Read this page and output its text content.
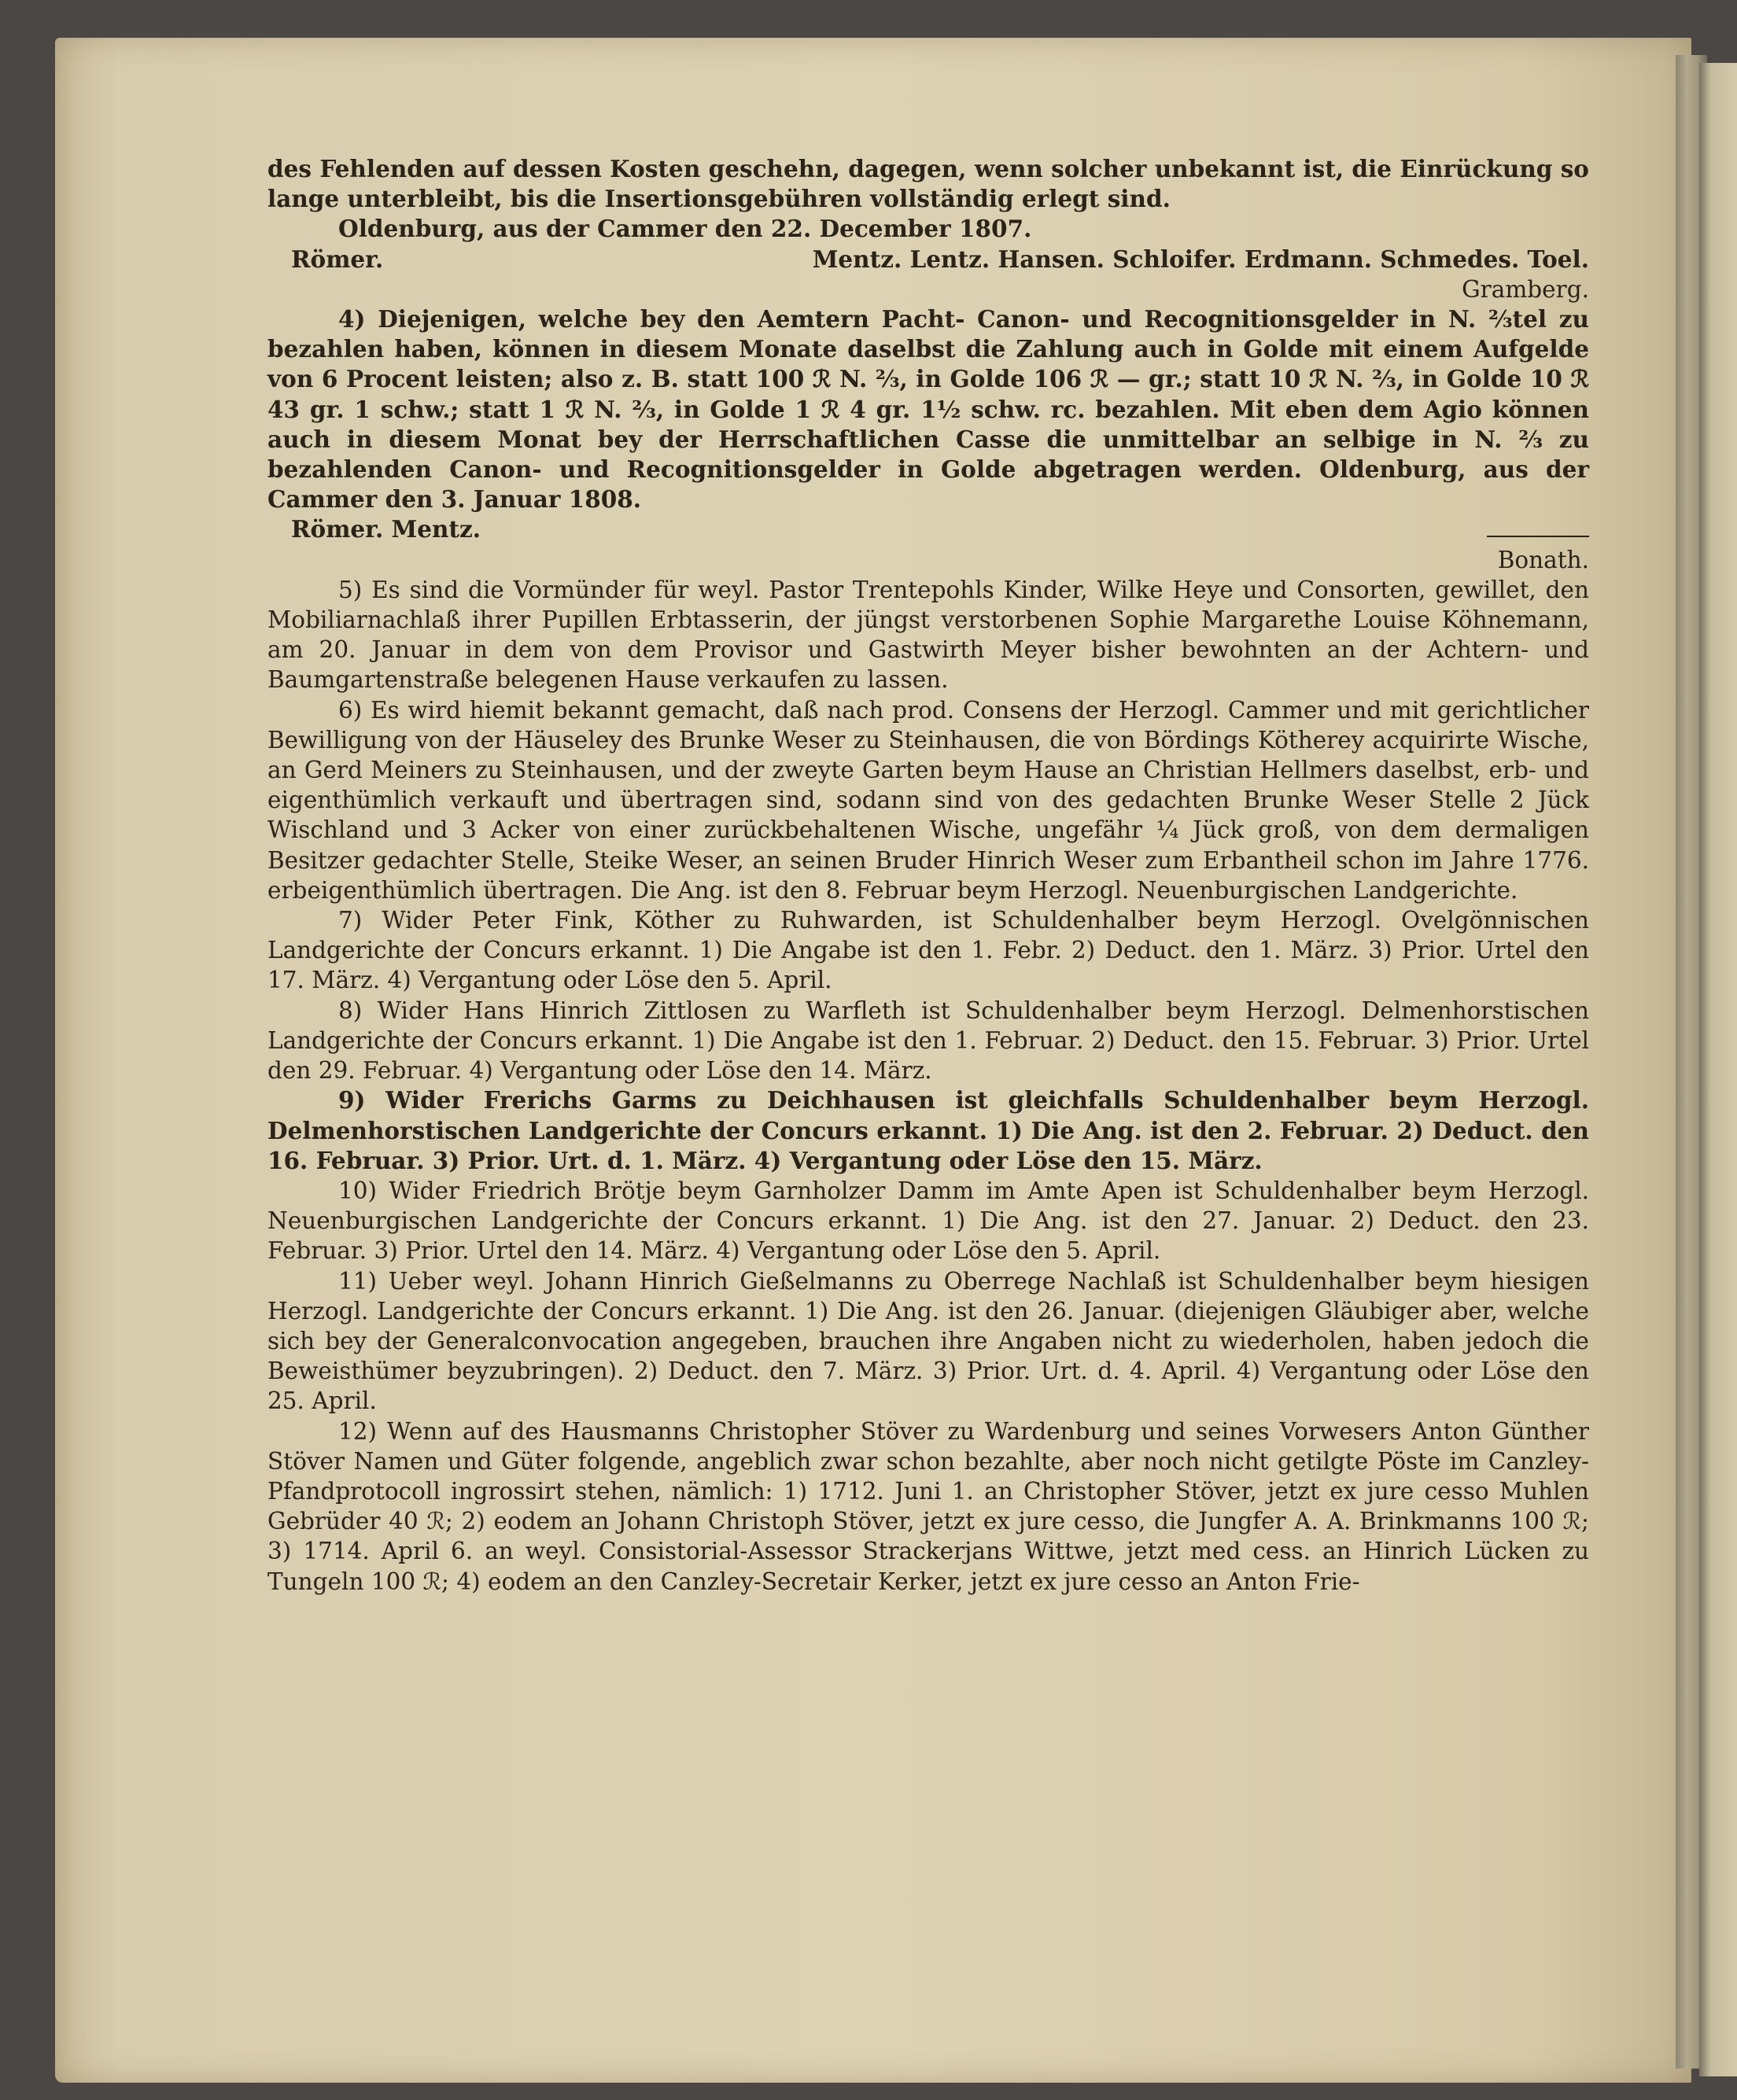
des Fehlenden auf dessen Kosten geschehn, dagegen, wenn solcher unbekannt ist, die Einrückung so lange unterbleibt, bis die Insertionsgebühren vollständig erlegt sind.

Oldenburg, aus der Cammer den 22. December 1807.

Römer.	Mentz. Lentz. Hansen. Schloifer. Erdmann. Schmedes. Toel.

Gramberg.

4) Diejenigen, welche bey den Aemtern Pacht- Canon- und Recognitionsgelder in N. ⅔tel zu bezahlen haben, können in diesem Monate daselbst die Zahlung auch in Golde mit einem Aufgelde von 6 Procent leisten; also z. B. statt 100 ℛ N. ⅔, in Golde 106 ℛ — gr.; statt 10 ℛ N. ⅔, in Golde 10 ℛ 43 gr. 1 schw.; statt 1 ℛ N. ⅔, in Golde 1 ℛ 4 gr. 1½ schw. rc. bezahlen. Mit eben dem Agio können auch in diesem Monat bey der Herrschaftlichen Casse die unmittelbar an selbige in N. ⅔ zu bezahlenden Canon- und Recognitionsgelder in Golde abgetragen werden. Oldenburg, aus der Cammer den 3. Januar 1808.

Römer. Mentz.

Bonath.

5) Es sind die Vormünder für weyl. Pastor Trentepohls Kinder, Wilke Heye und Consorten, gewillet, den Mobiliarnachlaß ihrer Pupillen Erbtasserin, der jüngst verstorbenen Sophie Margarethe Louise Köhnemann, am 20. Januar in dem von dem Provisor und Gastwirth Meyer bisher bewohnten an der Achtern- und Baumgartenstraße belegenen Hause verkaufen zu lassen.

6) Es wird hiemit bekannt gemacht, daß nach prod. Consens der Herzogl. Cammer und mit gerichtlicher Bewilligung von der Häuseley des Brunke Weser zu Steinhausen, die von Bördings Kötherey acquirirte Wische, an Gerd Meiners zu Steinhausen, und der zweyte Garten beym Hause an Christian Hellmers daselbst, erb- und eigenthümlich verkauft und übertragen sind, sodann sind von des gedachten Brunke Weser Stelle 2 Jück Wischland und 3 Acker von einer zurückbehaltenen Wische, ungefähr ¼ Jück groß, von dem dermaligen Besitzer gedachter Stelle, Steike Weser, an seinen Bruder Hinrich Weser zum Erbantheil schon im Jahre 1776. erbeigenthümlich übertragen. Die Ang. ist den 8. Februar beym Herzogl. Neuenburgischen Landgerichte.

7) Wider Peter Fink, Köther zu Ruhwarden, ist Schuldenhalber beym Herzogl. Ovelgönnischen Landgerichte der Concurs erkannt. 1) Die Angabe ist den 1. Febr. 2) Deduct. den 1. März. 3) Prior. Urtel den 17. März. 4) Vergantung oder Löse den 5. April.

8) Wider Hans Hinrich Zittlosen zu Warfleth ist Schuldenhalber beym Herzogl. Delmenhorstischen Landgerichte der Concurs erkannt. 1) Die Angabe ist den 1. Februar. 2) Deduct. den 15. Februar. 3) Prior. Urtel den 29. Februar. 4) Vergantung oder Löse den 14. März.

9) Wider Frerichs Garms zu Deichhausen ist gleichfalls Schuldenhalber beym Herzogl. Delmenhorstischen Landgerichte der Concurs erkannt. 1) Die Ang. ist den 2. Februar. 2) Deduct. den 16. Februar. 3) Prior. Urt. d. 1. März. 4) Vergantung oder Löse den 15. März.

10) Wider Friedrich Brötje beym Garnholzer Damm im Amte Apen ist Schuldenhalber beym Herzogl. Neuenburgischen Landgerichte der Concurs erkannt. 1) Die Ang. ist den 27. Januar. 2) Deduct. den 23. Februar. 3) Prior. Urtel den 14. März. 4) Vergantung oder Löse den 5. April.

11) Ueber weyl. Johann Hinrich Gießelmanns zu Oberrege Nachlaß ist Schuldenhalber beym hiesigen Herzogl. Landgerichte der Concurs erkannt. 1) Die Ang. ist den 26. Januar. (diejenigen Gläubiger aber, welche sich bey der Generalconvocation angegeben, brauchen ihre Angaben nicht zu wiederholen, haben jedoch die Beweisthümer beyzubringen). 2) Deduct. den 7. März. 3) Prior. Urt. d. 4. April. 4) Vergantung oder Löse den 25. April.

12) Wenn auf des Hausmanns Christopher Stöver zu Wardenburg und seines Vorwesers Anton Günther Stöver Namen und Güter folgende, angeblich zwar schon bezahlte, aber noch nicht getilgte Pöste im Canzley-Pfandprotocoll ingrossirt stehen, nämlich: 1) 1712. Juni 1. an Christopher Stöver, jetzt ex jure cesso Muhlen Gebrüder 40 ℛ; 2) eodem an Johann Christoph Stöver, jetzt ex jure cesso, die Jungfer A. A. Brinkmanns 100 ℛ; 3) 1714. April 6. an weyl. Consistorial-Assessor Strackerjans Wittwe, jetzt med cess. an Hinrich Lücken zu Tungeln 100 ℛ; 4) eodem an den Canzley-Secretair Kerker, jetzt ex jure cesso an Anton Frie-
